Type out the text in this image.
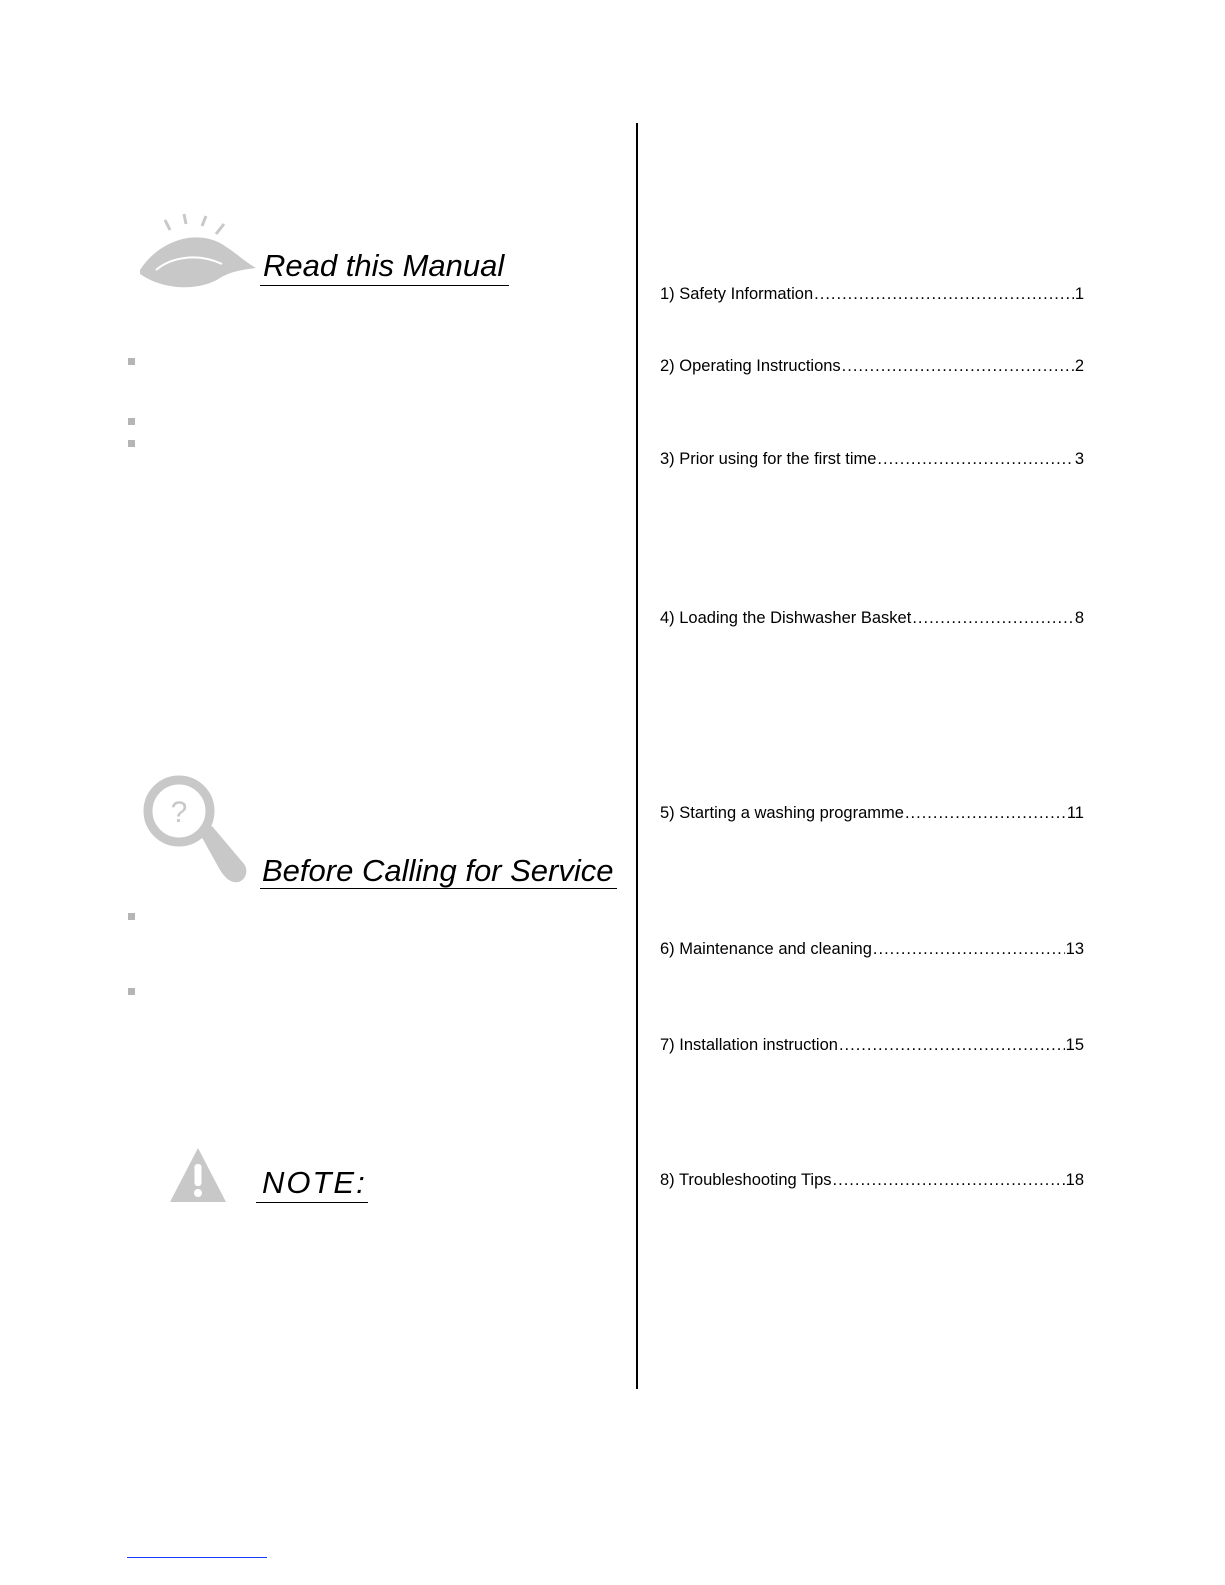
Read this Manual
?
Before Calling for Service
NOTE:
1) Safety Information .....	1
2) Operating Instructions .....	2
3) Prior using for the first time .....	3
4) Loading the Dishwasher Basket .....	8
5) Starting a washing programme .....	11
6) Maintenance and cleaning .....	13
7) Installation instruction .....	15
8) Troubleshooting Tips .....	18
